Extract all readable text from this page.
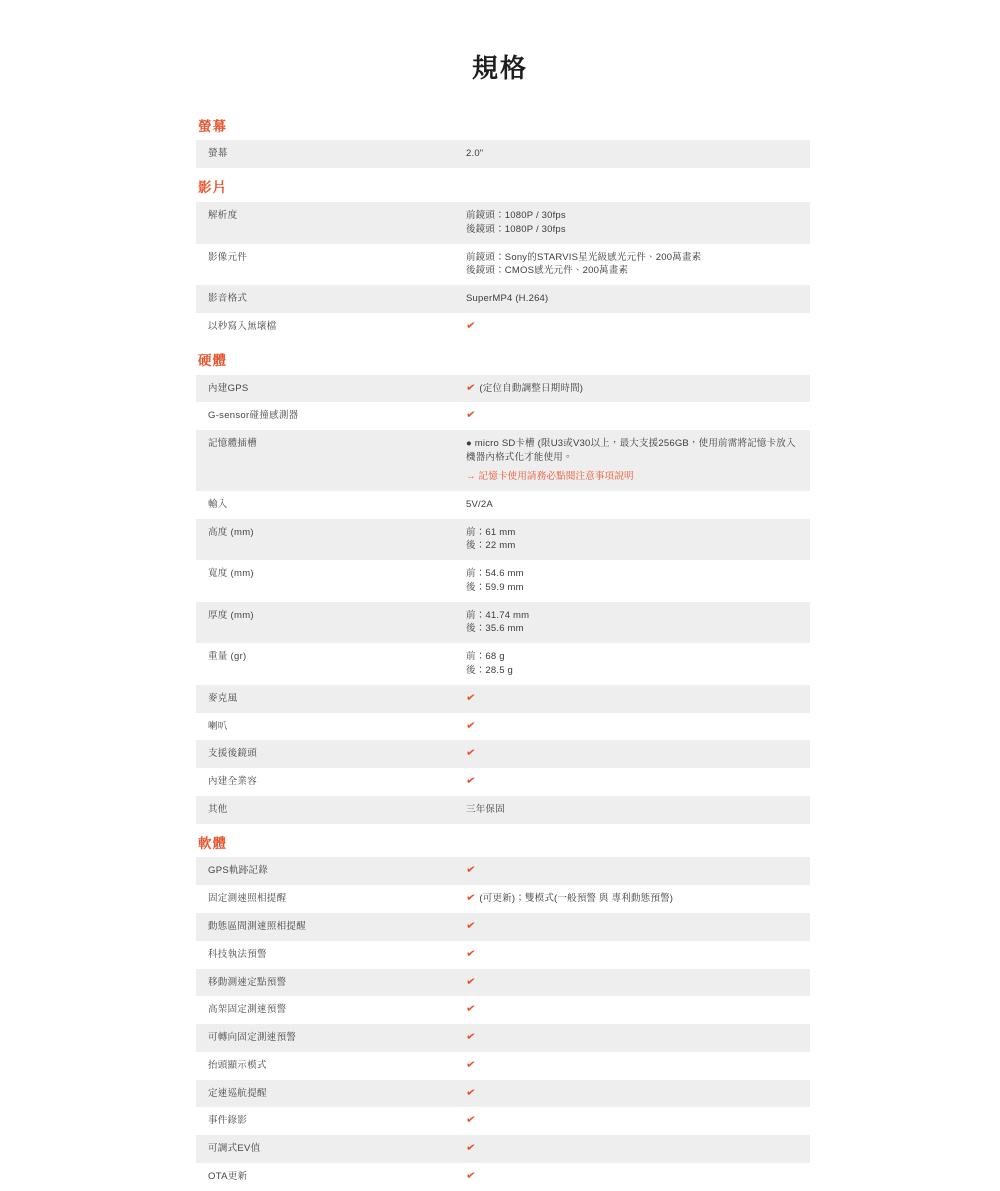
規格
螢幕
螢幕	2.0"
影片
解析度	前鏡頭：1080P / 30fps
後鏡頭：1080P / 30fps

影像元件	前鏡頭：Sony的STARVIS星光級感光元件、200萬畫素
後鏡頭：CMOS感光元件、200萬畫素

影音格式	SuperMP4 (H.264)

以秒寫入無壞檔	✔
硬體
內建GPS	✔ (定位自動調整日期時間)
G-sensor碰撞感測器	✔
記憶體插槽	● micro SD卡槽 (限U3或V30以上，最大支援256GB，使用前需將記憶卡放入機器內格式化才能使用。
→ 記憶卡使用請務必點閱注意事項說明

輸入	5V/2A

高度 (mm)	前：61 mm
後：22 mm

寬度 (mm)	前：54.6 mm
後：59.9 mm

厚度 (mm)	前：41.74 mm
後：35.6 mm

重量 (gr)	前：68 g
後：28.5 g

麥克風	✔
喇叭	✔
支援後鏡頭	✔
內建全業容	✔
其他	三年保固
軟體
GPS軌跡記錄	✔
固定測速照相提醒	✔ (可更新)；雙模式(一般預警 與 專利動態預警)
動態區間測速照相提醒	✔
科技執法預警	✔
移動測速定點預警	✔
高架固定測速預警	✔
可轉向固定測速預警	✔
抬頭顯示模式	✔
定速巡航提醒	✔
事件錄影	✔
可調式EV值	✔
OTA更新	✔
